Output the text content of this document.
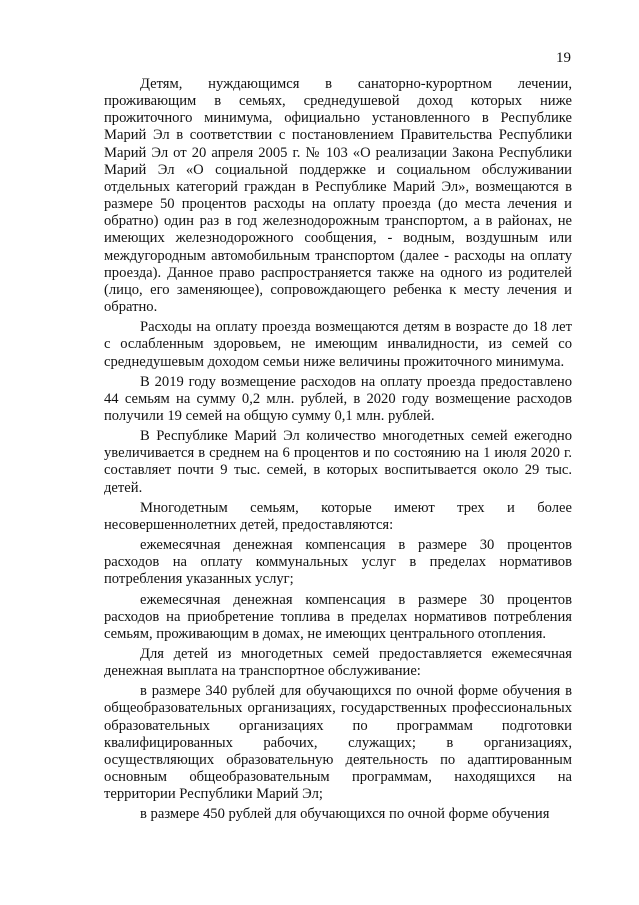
19

Детям, нуждающимся в санаторно-курортном лечении, проживающим в семьях, среднедушевой доход которых ниже прожиточного минимума, официально установленного в Республике Марий Эл в соответствии с постановлением Правительства Республики Марий Эл от 20 апреля 2005 г. № 103 «О реализации Закона Республики Марий Эл «О социальной поддержке и социальном обслуживании отдельных категорий граждан в Республике Марий Эл», возмещаются в размере 50 процентов расходы на оплату проезда (до места лечения и обратно) один раз в год железнодорожным транспортом, а в районах, не имеющих железнодорожного сообщения, - водным, воздушным или междугородным автомобильным транспортом (далее - расходы на оплату проезда). Данное право распространяется также на одного из родителей (лицо, его заменяющее), сопровождающего ребенка к месту лечения и обратно.

Расходы на оплату проезда возмещаются детям в возрасте до 18 лет с ослабленным здоровьем, не имеющим инвалидности, из семей со среднедушевым доходом семьи ниже величины прожиточного минимума.

В 2019 году возмещение расходов на оплату проезда предоставлено 44 семьям на сумму 0,2 млн. рублей, в 2020 году возмещение расходов получили 19 семей на общую сумму 0,1 млн. рублей.

В Республике Марий Эл количество многодетных семей ежегодно увеличивается в среднем на 6 процентов и по состоянию на 1 июля 2020 г. составляет почти 9 тыс. семей, в которых воспитывается около 29 тыс. детей.

Многодетным семьям, которые имеют трех и более несовершеннолетних детей, предоставляются:

ежемесячная денежная компенсация в размере 30 процентов расходов на оплату коммунальных услуг в пределах нормативов потребления указанных услуг;

ежемесячная денежная компенсация в размере 30 процентов расходов на приобретение топлива в пределах нормативов потребления семьям, проживающим в домах, не имеющих центрального отопления.

Для детей из многодетных семей предоставляется ежемесячная денежная выплата на транспортное обслуживание:

в размере 340 рублей для обучающихся по очной форме обучения в общеобразовательных организациях, государственных профессиональных образовательных организациях по программам подготовки квалифицированных рабочих, служащих; в организациях, осуществляющих образовательную деятельность по адаптированным основным общеобразовательным программам, находящихся на территории Республики Марий Эл;

в размере 450 рублей для обучающихся по очной форме обучения
